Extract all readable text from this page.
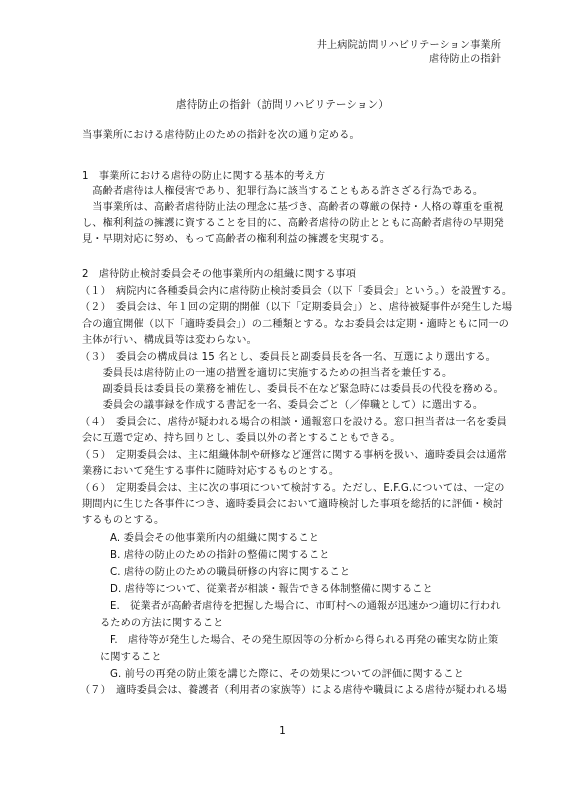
井上病院訪問リハビリテーション事業所
虐待防止の指針
虐待防止の指針（訪問リハビリテーション）
当事業所における虐待防止のための指針を次の通り定める。
1　事業所における虐待の防止に関する基本的考え方
　高齢者虐待は人権侵害であり、犯罪行為に該当することもある許さざる行為である。
　当事業所は、高齢者虐待防止法の理念に基づき、高齢者の尊厳の保持・人格の尊重を重視
し、権利利益の擁護に資することを目的に、高齢者虐待の防止とともに高齢者虐待の早期発
見・早期対応に努め、もって高齢者の権利利益の擁護を実現する。
2　虐待防止検討委員会その他事業所内の組織に関する事項
（１）　病院内に各種委員会内に虐待防止検討委員会（以下「委員会」という。）を設置する。
（２）　委員会は、年１回の定期的開催（以下「定期委員会」）と、虐待被疑事件が発生した場
合の適宜開催（以下「適時委員会」）の二種類とする。なお委員会は定期・適時ともに同一の
主体が行い、構成員等は変わらない。
（３）　委員会の構成員は 15 名とし、委員長と副委員長を各一名、互選により選出する。
　　委員長は虐待防止の一連の措置を適切に実施するための担当者を兼任する。
　　副委員長は委員長の業務を補佐し、委員長不在など緊急時には委員長の代役を務める。
　　委員会の議事録を作成する書記を一名、委員会ごと（／俸職として）に選出する。
（４）　委員会に、虐待が疑われる場合の相談・通報窓口を設ける。窓口担当者は一名を委員
会に互選で定め、持ち回りとし、委員以外の者とすることもできる。
（５）　定期委員会は、主に組織体制や研修など運営に関する事柄を扱い、適時委員会は通常
業務において発生する事件に随時対応するものとする。
（６）　定期委員会は、主に次の事項について検討する。ただし、E.F.G.については、一定の
期間内に生じた各事件につき、適時委員会において適時検討した事項を総括的に評価・検討
するものとする。
A. 委員会その他事業所内の組織に関すること
B. 虐待の防止のための指針の整備に関すること
C. 虐待の防止のための職員研修の内容に関すること
D. 虐待等について、従業者が相談・報告できる体制整備に関すること
E.　従業者が高齢者虐待を把握した場合に、市町村への通報が迅速かつ適切に行われ
るための方法に関すること
F.　虐待等が発生した場合、その発生原因等の分析から得られる再発の確実な防止策
に関すること
G. 前号の再発の防止策を講じた際に、その効果についての評価に関すること
（７）　適時委員会は、養護者（利用者の家族等）による虐待や職員による虐待が疑われる場
1
